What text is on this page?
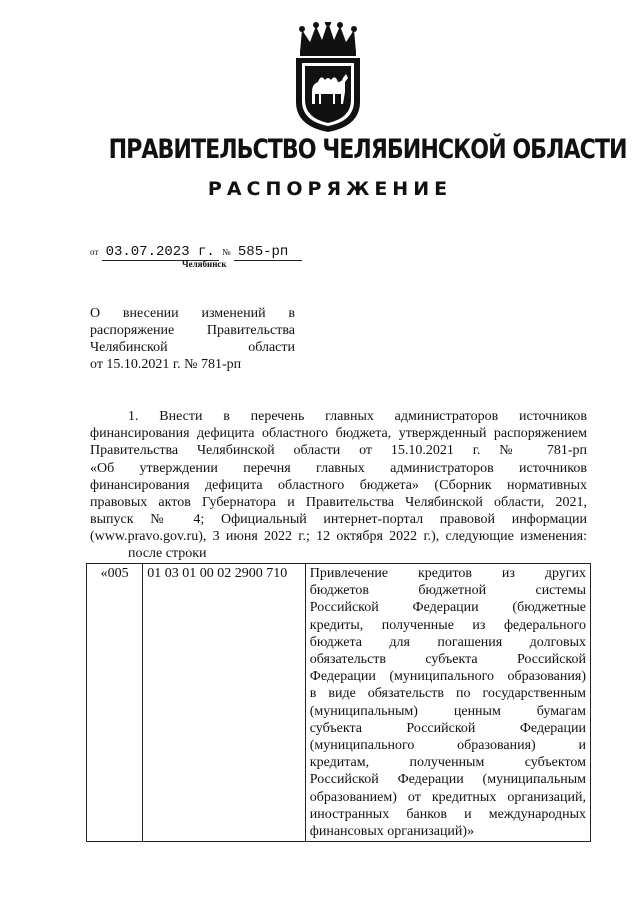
ПРАВИТЕЛЬСТВО ЧЕЛЯБИНСКОЙ ОБЛАСТИ
РАСПОРЯЖЕНИЕ
от 03.07.2023 г. № 585-рп
Челябинск
О внесении изменений в
распоряжение Правительства
Челябинской области
от 15.10.2021 г. № 781-рп
1. Внести в перечень главных администраторов источников
финансирования дефицита областного бюджета, утвержденный распоряжением
Правительства Челябинской области от 15.10.2021 г. № 781-рп
«Об утверждении перечня главных администраторов источников
финансирования дефицита областного бюджета» (Сборник нормативных
правовых актов Губернатора и Правительства Челябинской области, 2021,
выпуск № 4; Официальный интернет-портал правовой информации
(www.pravo.gov.ru), 3 июня 2022 г.; 12 октября 2022 г.), следующие изменения:
после строки
«005	01 03 01 00 02 2900 710	Привлечение кредитов из других
бюджетов бюджетной системы
Российской Федерации (бюджетные
кредиты, полученные из федерального
бюджета для погашения долговых
обязательств субъекта Российской
Федерации (муниципального образования)
в виде обязательств по государственным
(муниципальным) ценным бумагам
субъекта Российской Федерации
(муниципального образования) и
кредитам, полученным субъектом
Российской Федерации (муниципальным
образованием) от кредитных организаций,
иностранных банков и международных
финансовых организаций)»
